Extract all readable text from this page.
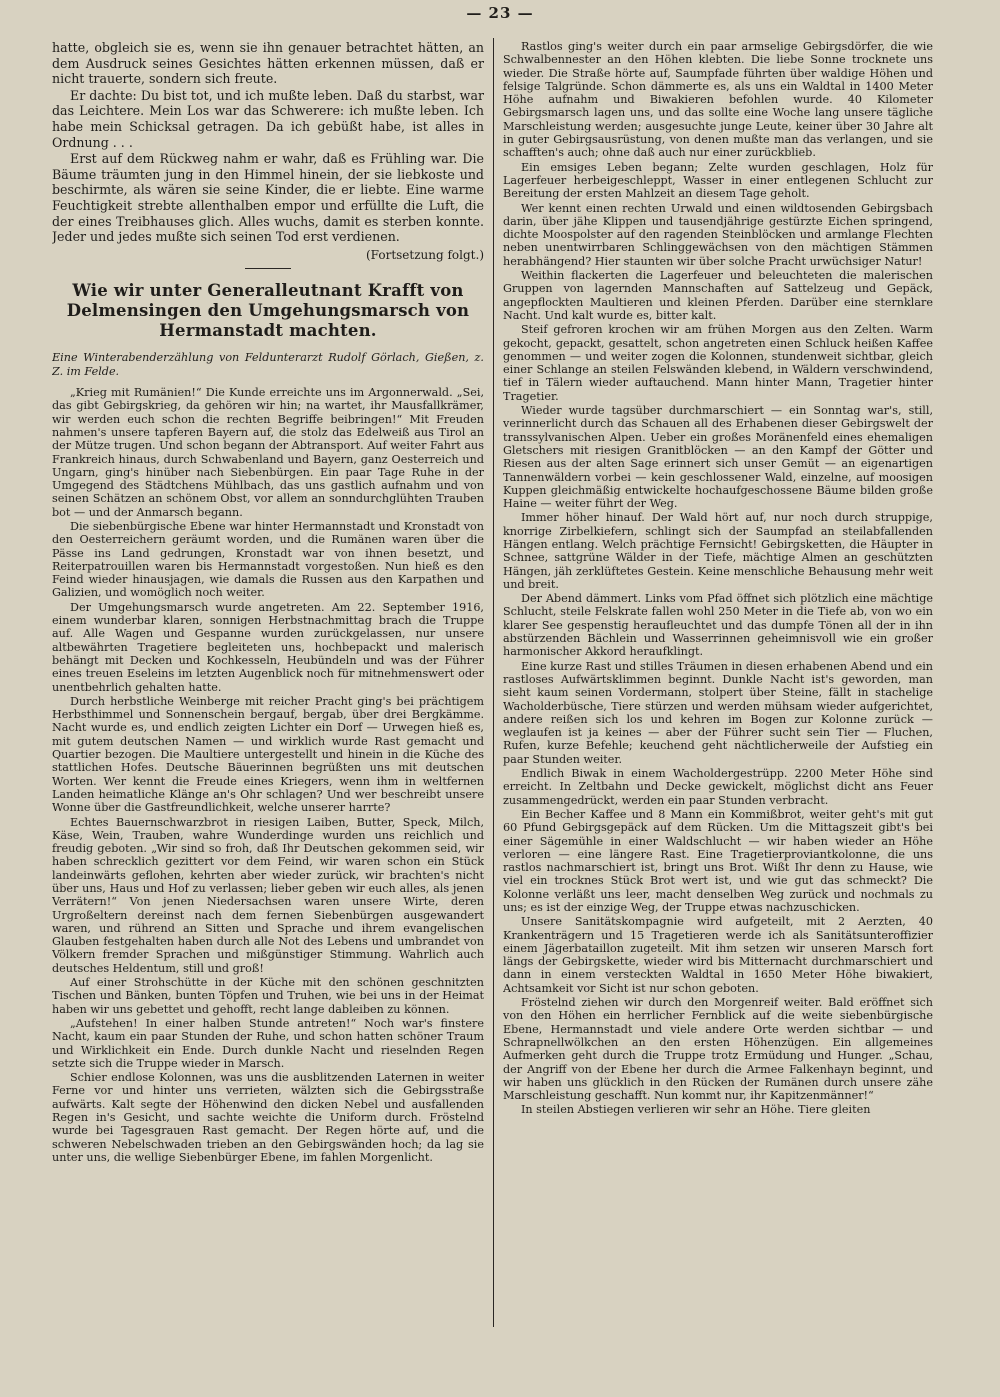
— 23 —

hatte, obgleich sie es, wenn sie ihn genauer betrachtet hätten, an dem Ausdruck seines Gesichtes hätten erkennen müssen, daß er nicht trauerte, sondern sich freute.

Er dachte: Du bist tot, und ich mußte leben. Daß du starbst, war das Leichtere. Mein Los war das Schwerere: ich mußte leben. Ich habe mein Schicksal getragen. Da ich gebüßt habe, ist alles in Ordnung . . .

Erst auf dem Rückweg nahm er wahr, daß es Frühling war. Die Bäume träumten jung in den Himmel hinein, der sie liebkoste und beschirmte, als wären sie seine Kinder, die er liebte. Eine warme Feuchtigkeit strebte allenthalben empor und erfüllte die Luft, die der eines Treibhauses glich. Alles wuchs, damit es sterben konnte. Jeder und jedes mußte sich seinen Tod erst verdienen.

(Fortsetzung folgt.)

Wie wir unter Generalleutnant Krafft von Delmensingen den Umgehungsmarsch von Hermanstadt machten.

Eine Winterabenderzählung von Feldunterarzt Rudolf Görlach, Gießen, z. Z. im Felde.

„Krieg mit Rumänien!“ Die Kunde erreichte uns im Argonnerwald. „Sei, das gibt Gebirgskrieg, da gehören wir hin; na wartet, ihr Mausfallkrämer, wir werden euch schon die rechten Begriffe beibringen!“ Mit Freuden nahmen's unsere tapferen Bayern auf, die stolz das Edelweiß aus Tirol an der Mütze trugen. Und schon begann der Abtransport. Auf weiter Fahrt aus Frankreich hinaus, durch Schwabenland und Bayern, ganz Oesterreich und Ungarn, ging's hinüber nach Siebenbürgen. Ein paar Tage Ruhe in der Umgegend des Städtchens Mühlbach, das uns gastlich aufnahm und von seinen Schätzen an schönem Obst, vor allem an sonndurchglühten Trauben bot — und der Anmarsch begann.

Die siebenbürgische Ebene war hinter Hermannstadt und Kronstadt von den Oesterreichern geräumt worden, und die Rumänen waren über die Pässe ins Land gedrungen, Kronstadt war von ihnen besetzt, und Reiterpatrouillen waren bis Hermannstadt vorgestoßen. Nun hieß es den Feind wieder hinausjagen, wie damals die Russen aus den Karpathen und Galizien, und womöglich noch weiter.

Der Umgehungsmarsch wurde angetreten. Am 22. September 1916, einem wunderbar klaren, sonnigen Herbstnachmittag brach die Truppe auf. Alle Wagen und Gespanne wurden zurückgelassen, nur unsere altbewährten Tragetiere begleiteten uns, hochbepackt und malerisch behängt mit Decken und Kochkesseln, Heubündeln und was der Führer eines treuen Eseleins im letzten Augenblick noch für mitnehmenswert oder unentbehrlich gehalten hatte.

Durch herbstliche Weinberge mit reicher Pracht ging's bei prächtigem Herbsthimmel und Sonnenschein bergauf, bergab, über drei Bergkämme. Nacht wurde es, und endlich zeigten Lichter ein Dorf — Urwegen hieß es, mit gutem deutschen Namen — und wirklich wurde Rast gemacht und Quartier bezogen. Die Maultiere untergestellt und hinein in die Küche des stattlichen Hofes. Deutsche Bäuerinnen begrüßten uns mit deutschen Worten. Wer kennt die Freude eines Kriegers, wenn ihm in weltfernen Landen heimatliche Klänge an's Ohr schlagen? Und wer beschreibt unsere Wonne über die Gastfreundlichkeit, welche unserer harrte?

Echtes Bauernschwarzbrot in riesigen Laiben, Butter, Speck, Milch, Käse, Wein, Trauben, wahre Wunderdinge wurden uns reichlich und freudig geboten. „Wir sind so froh, daß Ihr Deutschen gekommen seid, wir haben schrecklich gezittert vor dem Feind, wir waren schon ein Stück landeinwärts geflohen, kehrten aber wieder zurück, wir brachten's nicht über uns, Haus und Hof zu verlassen; lieber geben wir euch alles, als jenen Verrätern!“ Von jenen Niedersachsen waren unsere Wirte, deren Urgroßeltern dereinst nach dem fernen Siebenbürgen ausgewandert waren, und rührend an Sitten und Sprache und ihrem evangelischen Glauben festgehalten haben durch alle Not des Lebens und umbrandet von Völkern fremder Sprachen und mißgünstiger Stimmung. Wahrlich auch deutsches Heldentum, still und groß!

Auf einer Strohschütte in der Küche mit den schönen geschnitzten Tischen und Bänken, bunten Töpfen und Truhen, wie bei uns in der Heimat haben wir uns gebettet und gehofft, recht lange dableiben zu können.

„Aufstehen! In einer halben Stunde antreten!“ Noch war's finstere Nacht, kaum ein paar Stunden der Ruhe, und schon hatten schöner Traum und Wirklichkeit ein Ende. Durch dunkle Nacht und rieselnden Regen setzte sich die Truppe wieder in Marsch.

Schier endlose Kolonnen, was uns die ausblitzenden Laternen in weiter Ferne vor und hinter uns verrieten, wälzten sich die Gebirgsstraße aufwärts. Kalt segte der Höhenwind den dicken Nebel und ausfallenden Regen in's Gesicht, und sachte weichte die Uniform durch. Fröstelnd wurde bei Tagesgrauen Rast gemacht. Der Regen hörte auf, und die schweren Nebelschwaden trieben an den Gebirgswänden hoch; da lag sie unter uns, die wellige Siebenbürger Ebene, im fahlen Morgenlicht.

Rastlos ging's weiter durch ein paar armselige Gebirgsdörfer, die wie Schwalbennester an den Höhen klebten. Die liebe Sonne trocknete uns wieder. Die Straße hörte auf, Saumpfade führten über waldige Höhen und felsige Talgründe. Schon dämmerte es, als uns ein Waldtal in 1400 Meter Höhe aufnahm und Biwakieren befohlen wurde. 40 Kilometer Gebirgsmarsch lagen uns, und das sollte eine Woche lang unsere tägliche Marschleistung werden; ausgesuchte junge Leute, keiner über 30 Jahre alt in guter Gebirgsausrüstung, von denen mußte man das verlangen, und sie schafften's auch; ohne daß auch nur einer zurückblieb.

Ein emsiges Leben begann; Zelte wurden geschlagen, Holz für Lagerfeuer herbeigeschleppt, Wasser in einer entlegenen Schlucht zur Bereitung der ersten Mahlzeit an diesem Tage geholt.

Wer kennt einen rechten Urwald und einen wildtosenden Gebirgsbach darin, über jähe Klippen und tausendjährige gestürzte Eichen springend, dichte Moospolster auf den ragenden Steinblöcken und armlange Flechten neben unentwirrbaren Schlinggewächsen von den mächtigen Stämmen herabhängend? Hier staunten wir über solche Pracht urwüchsiger Natur!

Weithin flackerten die Lagerfeuer und beleuchteten die malerischen Gruppen von lagernden Mannschaften auf Sattelzeug und Gepäck, angepflockten Maultieren und kleinen Pferden. Darüber eine sternklare Nacht. Und kalt wurde es, bitter kalt.

Steif gefroren krochen wir am frühen Morgen aus den Zelten. Warm gekocht, gepackt, gesattelt, schon angetreten einen Schluck heißen Kaffee genommen — und weiter zogen die Kolonnen, stundenweit sichtbar, gleich einer Schlange an steilen Felswänden klebend, in Wäldern verschwindend, tief in Tälern wieder auftauchend. Mann hinter Mann, Tragetier hinter Tragetier.

Wieder wurde tagsüber durchmarschiert — ein Sonntag war's, still, verinnerlicht durch das Schauen all des Erhabenen dieser Gebirgswelt der transsylvanischen Alpen. Ueber ein großes Moränenfeld eines ehemaligen Gletschers mit riesigen Granitblöcken — an den Kampf der Götter und Riesen aus der alten Sage erinnert sich unser Gemüt — an eigenartigen Tannenwäldern vorbei — kein geschlossener Wald, einzelne, auf moosigen Kuppen gleichmäßig entwickelte hochaufgeschossene Bäume bilden große Haine — weiter führt der Weg.

Immer höher hinauf. Der Wald hört auf, nur noch durch struppige, knorrige Zirbelkiefern, schlingt sich der Saumpfad an steilabfallenden Hängen entlang. Welch prächtige Fernsicht! Gebirgsketten, die Häupter in Schnee, sattgrüne Wälder in der Tiefe, mächtige Almen an geschützten Hängen, jäh zerklüftetes Gestein. Keine menschliche Behausung mehr weit und breit.

Der Abend dämmert. Links vom Pfad öffnet sich plötzlich eine mächtige Schlucht, steile Felskrate fallen wohl 250 Meter in die Tiefe ab, von wo ein klarer See gespenstig heraufleuchtet und das dumpfe Tönen all der in ihn abstürzenden Bächlein und Wasserrinnen geheimnisvoll wie ein großer harmonischer Akkord heraufklingt.

Eine kurze Rast und stilles Träumen in diesen erhabenen Abend und ein rastloses Aufwärtsklimmen beginnt. Dunkle Nacht ist's geworden, man sieht kaum seinen Vordermann, stolpert über Steine, fällt in stachelige Wacholderbüsche, Tiere stürzen und werden mühsam wieder aufgerichtet, andere reißen sich los und kehren im Bogen zur Kolonne zurück — weglaufen ist ja keines — aber der Führer sucht sein Tier — Fluchen, Rufen, kurze Befehle; keuchend geht nächtlicherweile der Aufstieg ein paar Stunden weiter.

Endlich Biwak in einem Wacholdergestrüpp. 2200 Meter Höhe sind erreicht. In Zeltbahn und Decke gewickelt, möglichst dicht ans Feuer zusammengedrückt, werden ein paar Stunden verbracht.

Ein Becher Kaffee und 8 Mann ein Kommißbrot, weiter geht's mit gut 60 Pfund Gebirgsgepäck auf dem Rücken. Um die Mittagszeit gibt's bei einer Sägemühle in einer Waldschlucht — wir haben wieder an Höhe verloren — eine längere Rast. Eine Tragetierproviantkolonne, die uns rastlos nachmarschiert ist, bringt uns Brot. Wißt Ihr denn zu Hause, wie viel ein trocknes Stück Brot wert ist, und wie gut das schmeckt? Die Kolonne verläßt uns leer, macht denselben Weg zurück und nochmals zu uns; es ist der einzige Weg, der Truppe etwas nachzuschicken.

Unsere Sanitätskompagnie wird aufgeteilt, mit 2 Aerzten, 40 Krankenträgern und 15 Tragetieren werde ich als Sanitätsunteroffizier einem Jägerbataillon zugeteilt. Mit ihm setzen wir unseren Marsch fort längs der Gebirgskette, wieder wird bis Mitternacht durchmarschiert und dann in einem versteckten Waldtal in 1650 Meter Höhe biwakiert, Achtsamkeit vor Sicht ist nur schon geboten.

Fröstelnd ziehen wir durch den Morgenreif weiter. Bald eröffnet sich von den Höhen ein herrlicher Fernblick auf die weite siebenbürgische Ebene, Hermannstadt und viele andere Orte werden sichtbar — und Schrapnellwölkchen an den ersten Höhenzügen. Ein allgemeines Aufmerken geht durch die Truppe trotz Ermüdung und Hunger. „Schau, der Angriff von der Ebene her durch die Armee Falkenhayn beginnt, und wir haben uns glücklich in den Rücken der Rumänen durch unsere zähe Marschleistung geschafft. Nun kommt nur, ihr Kapitzenmänner!“

In steilen Abstiegen verlieren wir sehr an Höhe. Tiere gleiten
